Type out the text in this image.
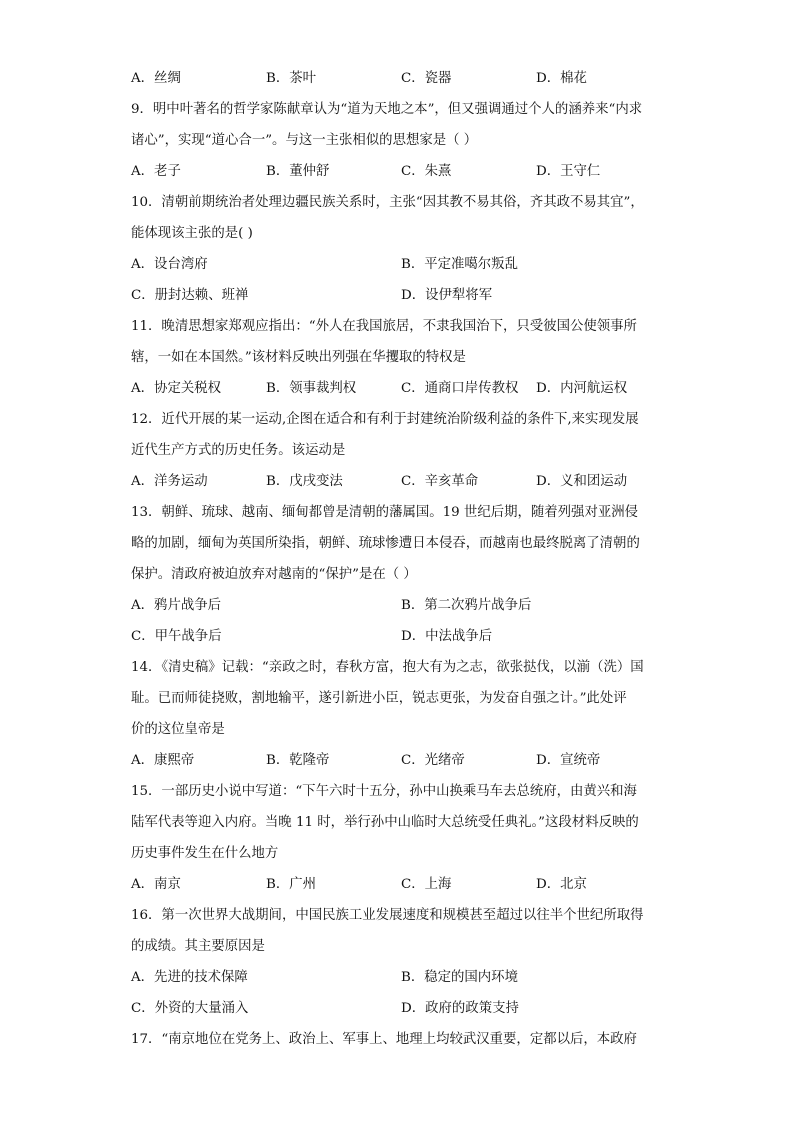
A．丝绸	B．茶叶	C．瓷器	D．棉花
9．明中叶著名的哲学家陈献章认为“道为天地之本”，但又强调通过个人的涵养来“内求
诸心”，实现“道心合一”。与这一主张相似的思想家是（ ）
A．老子	B．董仲舒	C．朱熹	D．王守仁
10．清朝前期统治者处理边疆民族关系时，主张“因其教不易其俗，齐其政不易其宜”，
能体现该主张的是( )
A．设台湾府	B．平定准噶尔叛乱
C．册封达赖、班禅	D．设伊犁将军
11．晚清思想家郑观应指出：“外人在我国旅居，不隶我国治下，只受彼国公使领事所
辖，一如在本国然。”该材料反映出列强在华攫取的特权是
A．协定关税权	B．领事裁判权	C．通商口岸传教权	D．内河航运权
12．近代开展的某一运动,企图在适合和有利于封建统治阶级利益的条件下,来实现发展
近代生产方式的历史任务。该运动是
A．洋务运动	B．戊戌变法	C．辛亥革命	D．义和团运动
13．朝鲜、琉球、越南、缅甸都曾是清朝的藩属国。19 世纪后期，随着列强对亚洲侵
略的加剧，缅甸为英国所染指，朝鲜、琉球惨遭日本侵吞，而越南也最终脱离了清朝的
保护。清政府被迫放弃对越南的“保护”是在（ ）
A．鸦片战争后	B．第二次鸦片战争后
C．甲午战争后	D．中法战争后
14．《清史稿》记载：“亲政之时，春秋方富，抱大有为之志，欲张挞伐，以湔（洗）国
耻。已而师徒挠败，割地输平，遂引新进小臣，锐志更张，为发奋自强之计。”此处评
价的这位皇帝是
A．康熙帝	B．乾隆帝	C．光绪帝	D．宣统帝
15．一部历史小说中写道：“下午六时十五分，孙中山换乘马车去总统府，由黄兴和海
陆军代表等迎入内府。当晚 11 时，举行孙中山临时大总统受任典礼。”这段材料反映的
历史事件发生在什么地方
A．南京	B．广州	C．上海	D．北京
16．第一次世界大战期间，中国民族工业发展速度和规模甚至超过以往半个世纪所取得
的成绩。其主要原因是
A．先进的技术保障	B．稳定的国内环境
C．外资的大量涌入	D．政府的政策支持
17．“南京地位在党务上、政治上、军事上、地理上均较武汉重要，定都以后，本政府
